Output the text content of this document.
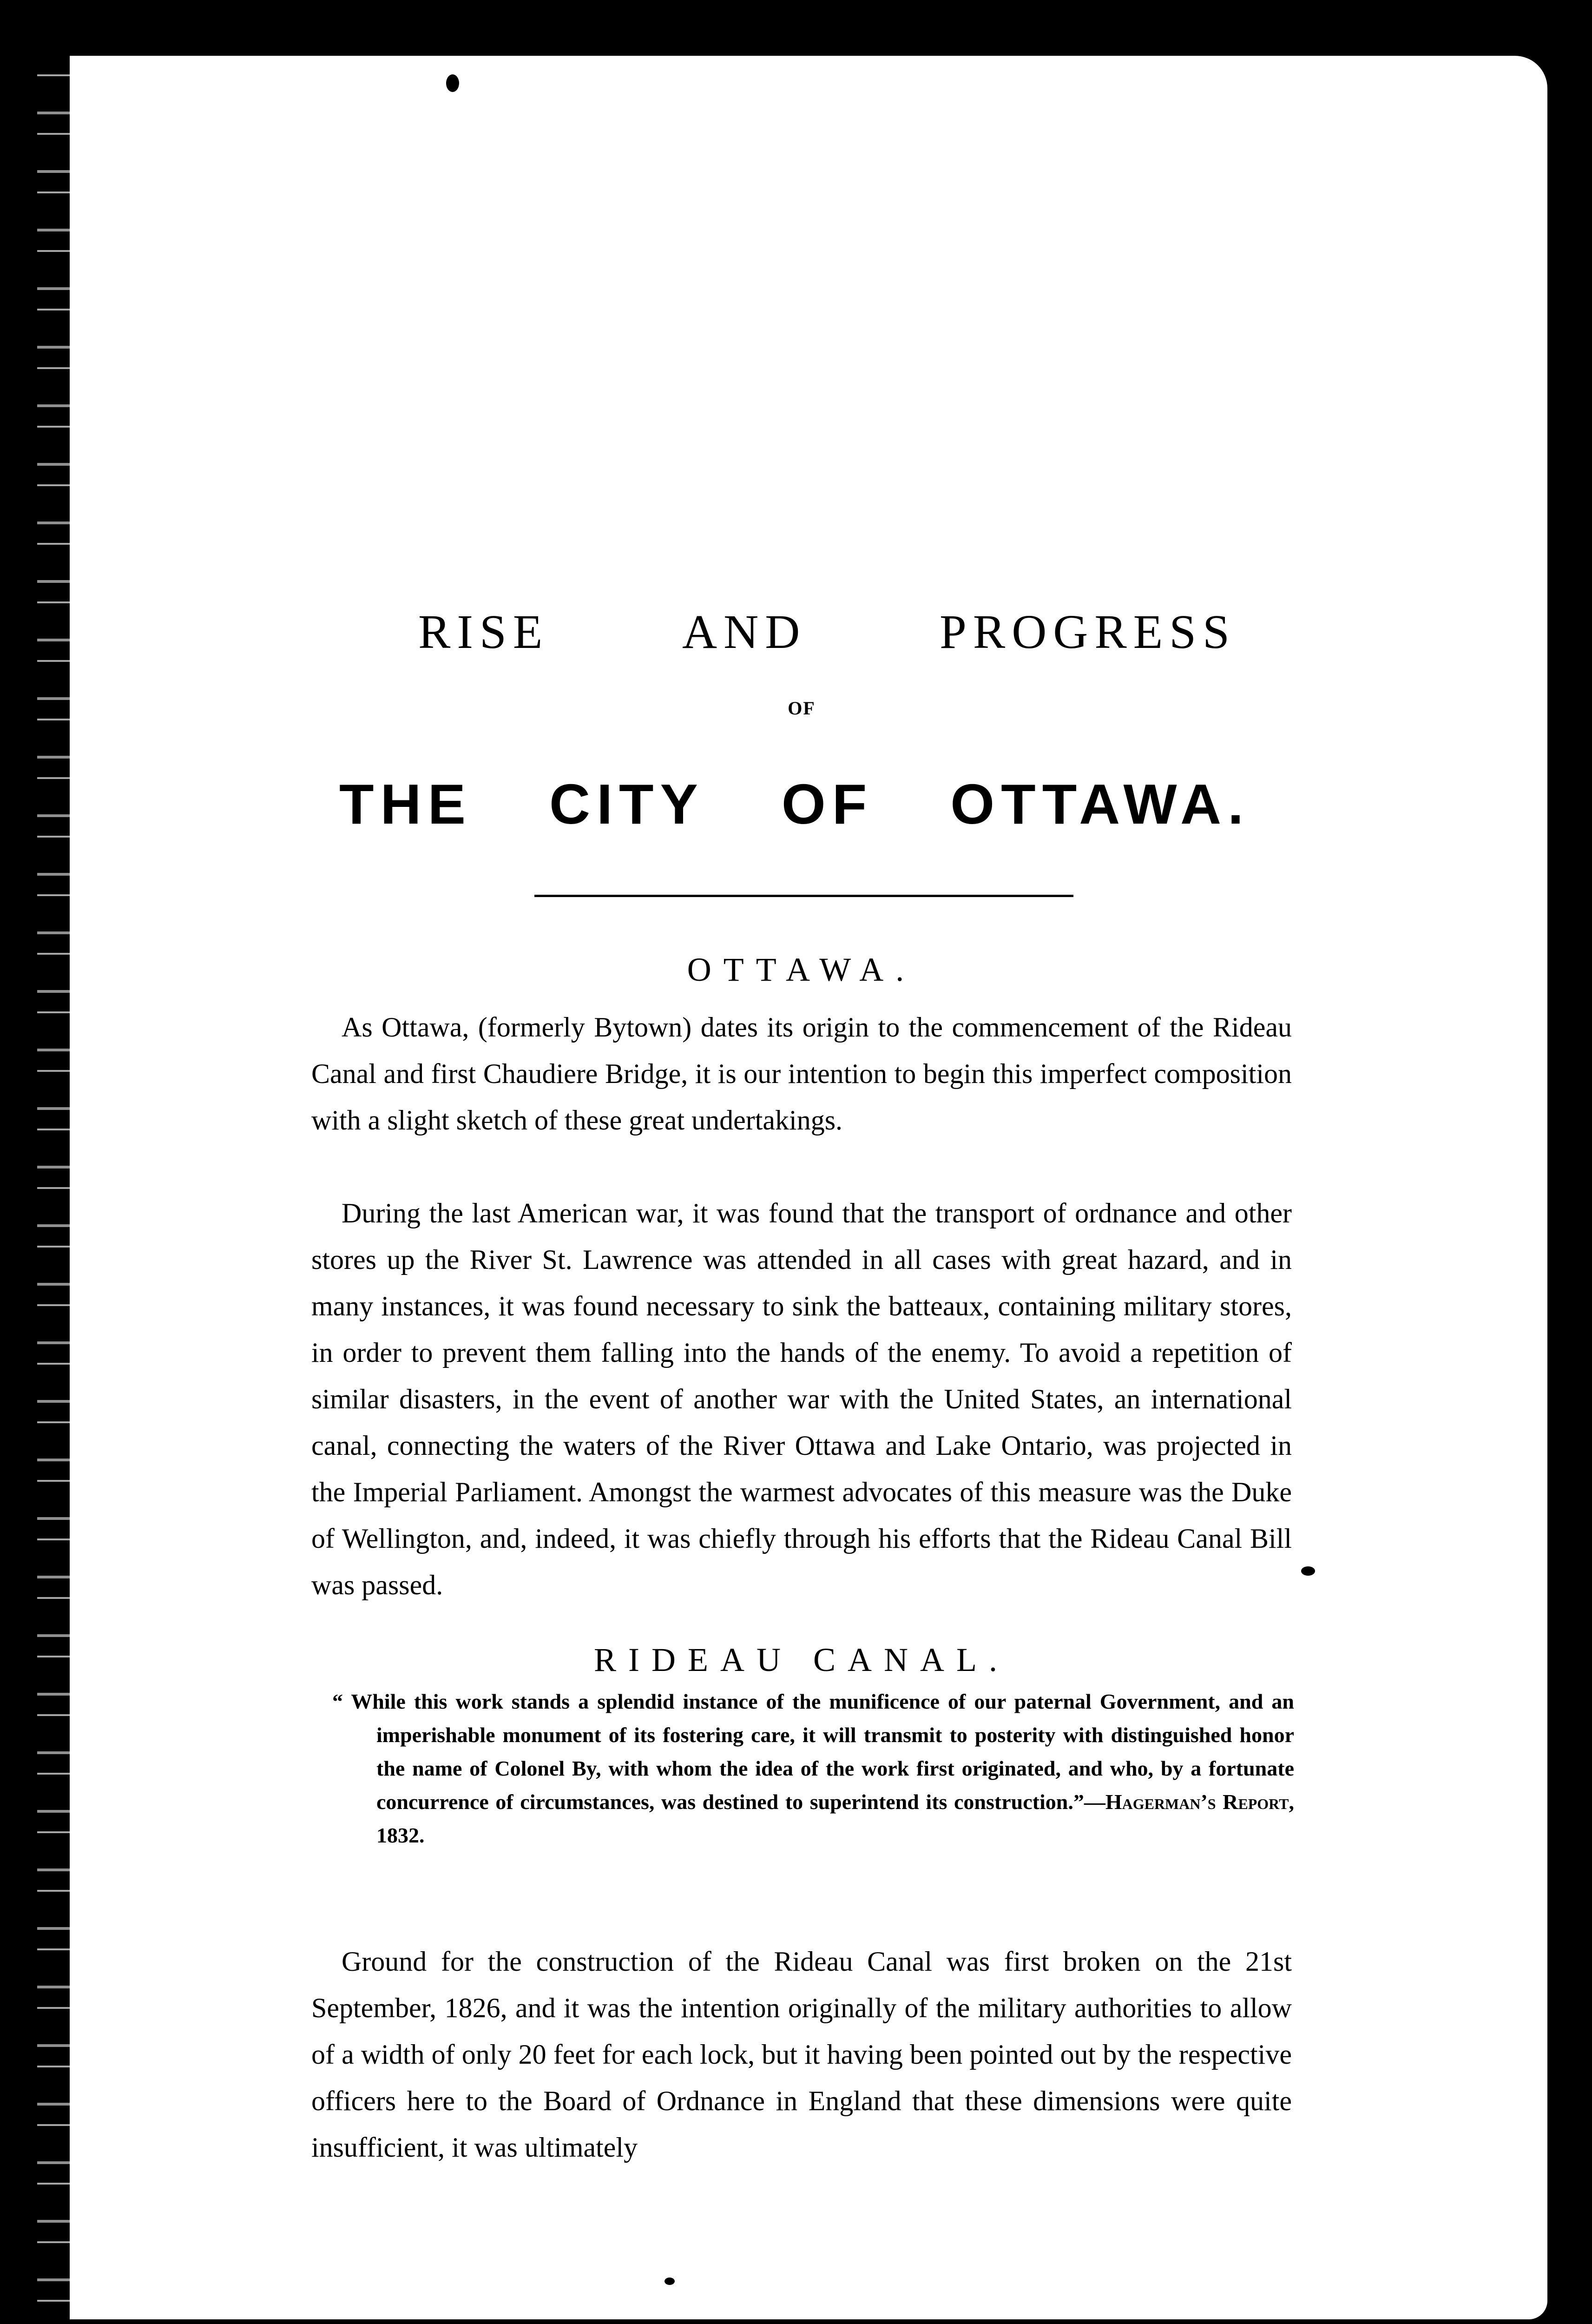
RISE	AND	PROGRESS
OF
THE CITY OF OTTAWA.
OTTAWA.

As Ottawa, (formerly Bytown) dates its origin to the commencement of the Rideau Canal and first Chaudiere Bridge, it is our intention to begin this imperfect composition with a slight sketch of these great undertakings.

During the last American war, it was found that the transport of ordnance and other stores up the River St. Lawrence was attended in all cases with great hazard, and in many instances, it was found necessary to sink the batteaux, containing military stores, in order to prevent them falling into the hands of the enemy. To avoid a repetition of similar disasters, in the event of another war with the United States, an international canal, connecting the waters of the River Ottawa and Lake Ontario, was projected in the Imperial Parliament. Amongst the warmest advocates of this measure was the Duke of Wellington, and, indeed, it was chiefly through his efforts that the Rideau Canal Bill was passed.

RIDEAU CANAL.

“ While this work stands a splendid instance of the munificence of our paternal Government, and an imperishable monument of its fostering care, it will transmit to posterity with distinguished honor the name of Colonel By, with whom the idea of the work first originated, and who, by a fortunate concurrence of circumstances, was destined to superintend its construction.”—Hagerman’s Report, 1832.

Ground for the construction of the Rideau Canal was first broken on the 21st September, 1826, and it was the intention originally of the military authorities to allow of a width of only 20 feet for each lock, but it having been pointed out by the respective officers here to the Board of Ordnance in England that these dimensions were quite insufficient, it was ultimately
